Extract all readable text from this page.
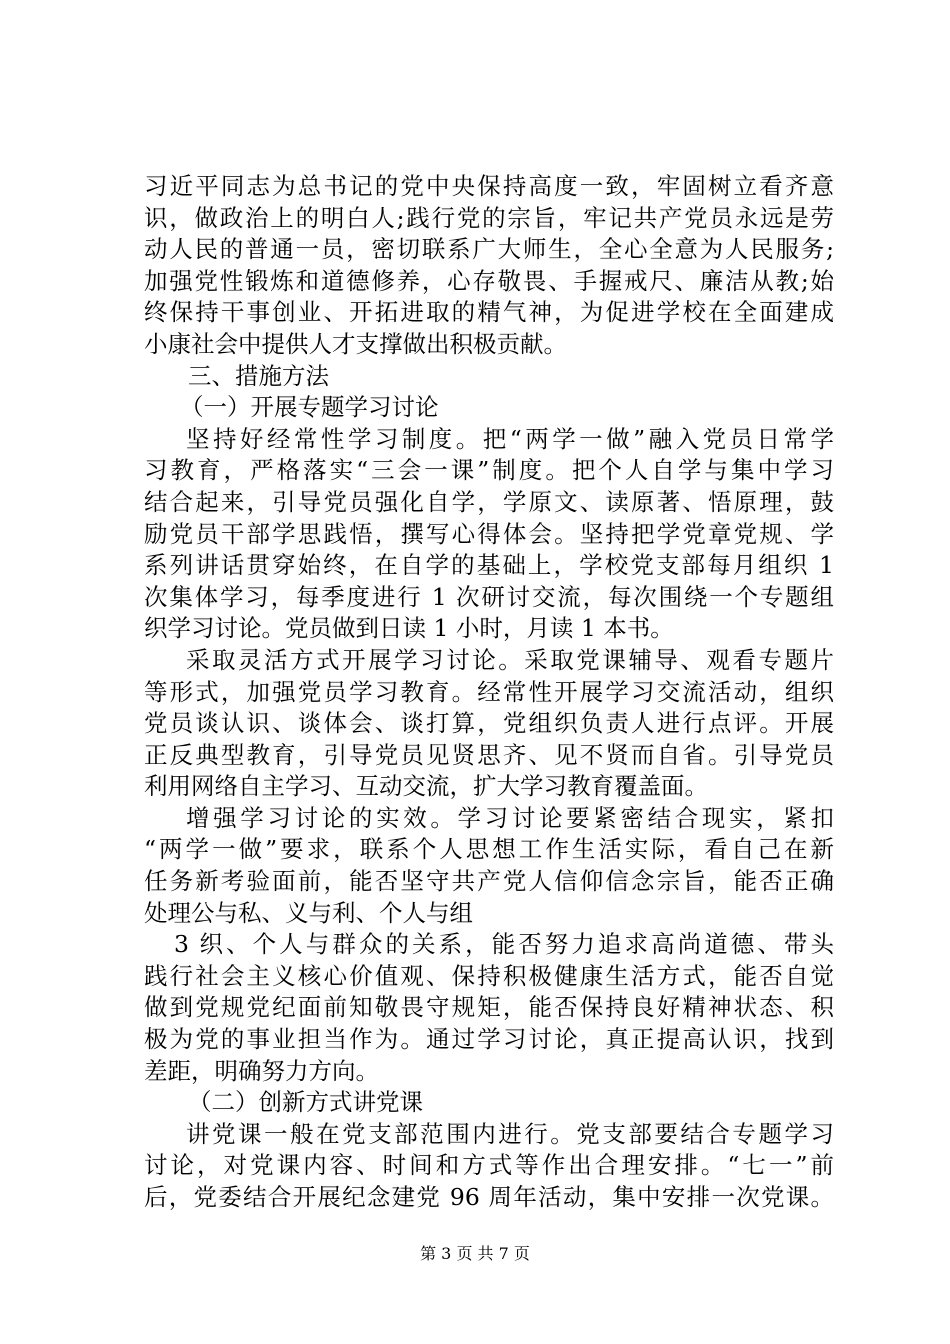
习近平同志为总书记的党中央保持高度一致，牢固树立看齐意
识，做政治上的明白人;践行党的宗旨，牢记共产党员永远是劳
动人民的普通一员，密切联系广大师生，全心全意为人民服务;
加强党性锻炼和道德修养，心存敬畏、手握戒尺、廉洁从教;始
终保持干事创业、开拓进取的精气神，为促进学校在全面建成
小康社会中提供人才支撑做出积极贡献。
三、措施方法
（一）开展专题学习讨论
坚持好经常性学习制度。把“两学一做”融入党员日常学
习教育，严格落实“三会一课”制度。把个人自学与集中学习
结合起来，引导党员强化自学，学原文、读原著、悟原理，鼓
励党员干部学思践悟，撰写心得体会。坚持把学党章党规、学
系列讲话贯穿始终，在自学的基础上，学校党支部每月组织 1
次集体学习，每季度进行 1 次研讨交流，每次围绕一个专题组
织学习讨论。党员做到日读 1 小时，月读 1 本书。
采取灵活方式开展学习讨论。采取党课辅导、观看专题片
等形式，加强党员学习教育。经常性开展学习交流活动，组织
党员谈认识、谈体会、谈打算，党组织负责人进行点评。开展
正反典型教育，引导党员见贤思齐、见不贤而自省。引导党员
利用网络自主学习、互动交流，扩大学习教育覆盖面。
增强学习讨论的实效。学习讨论要紧密结合现实，紧扣
“两学一做”要求，联系个人思想工作生活实际，看自己在新
任务新考验面前，能否坚守共产党人信仰信念宗旨，能否正确
处理公与私、义与利、个人与组
3 织、个人与群众的关系，能否努力追求高尚道德、带头
践行社会主义核心价值观、保持积极健康生活方式，能否自觉
做到党规党纪面前知敬畏守规矩，能否保持良好精神状态、积
极为党的事业担当作为。通过学习讨论，真正提高认识，找到
差距，明确努力方向。
（二）创新方式讲党课
讲党课一般在党支部范围内进行。党支部要结合专题学习
讨论，对党课内容、时间和方式等作出合理安排。“七一”前
后，党委结合开展纪念建党 96 周年活动，集中安排一次党课。
第 3 页 共 7 页
